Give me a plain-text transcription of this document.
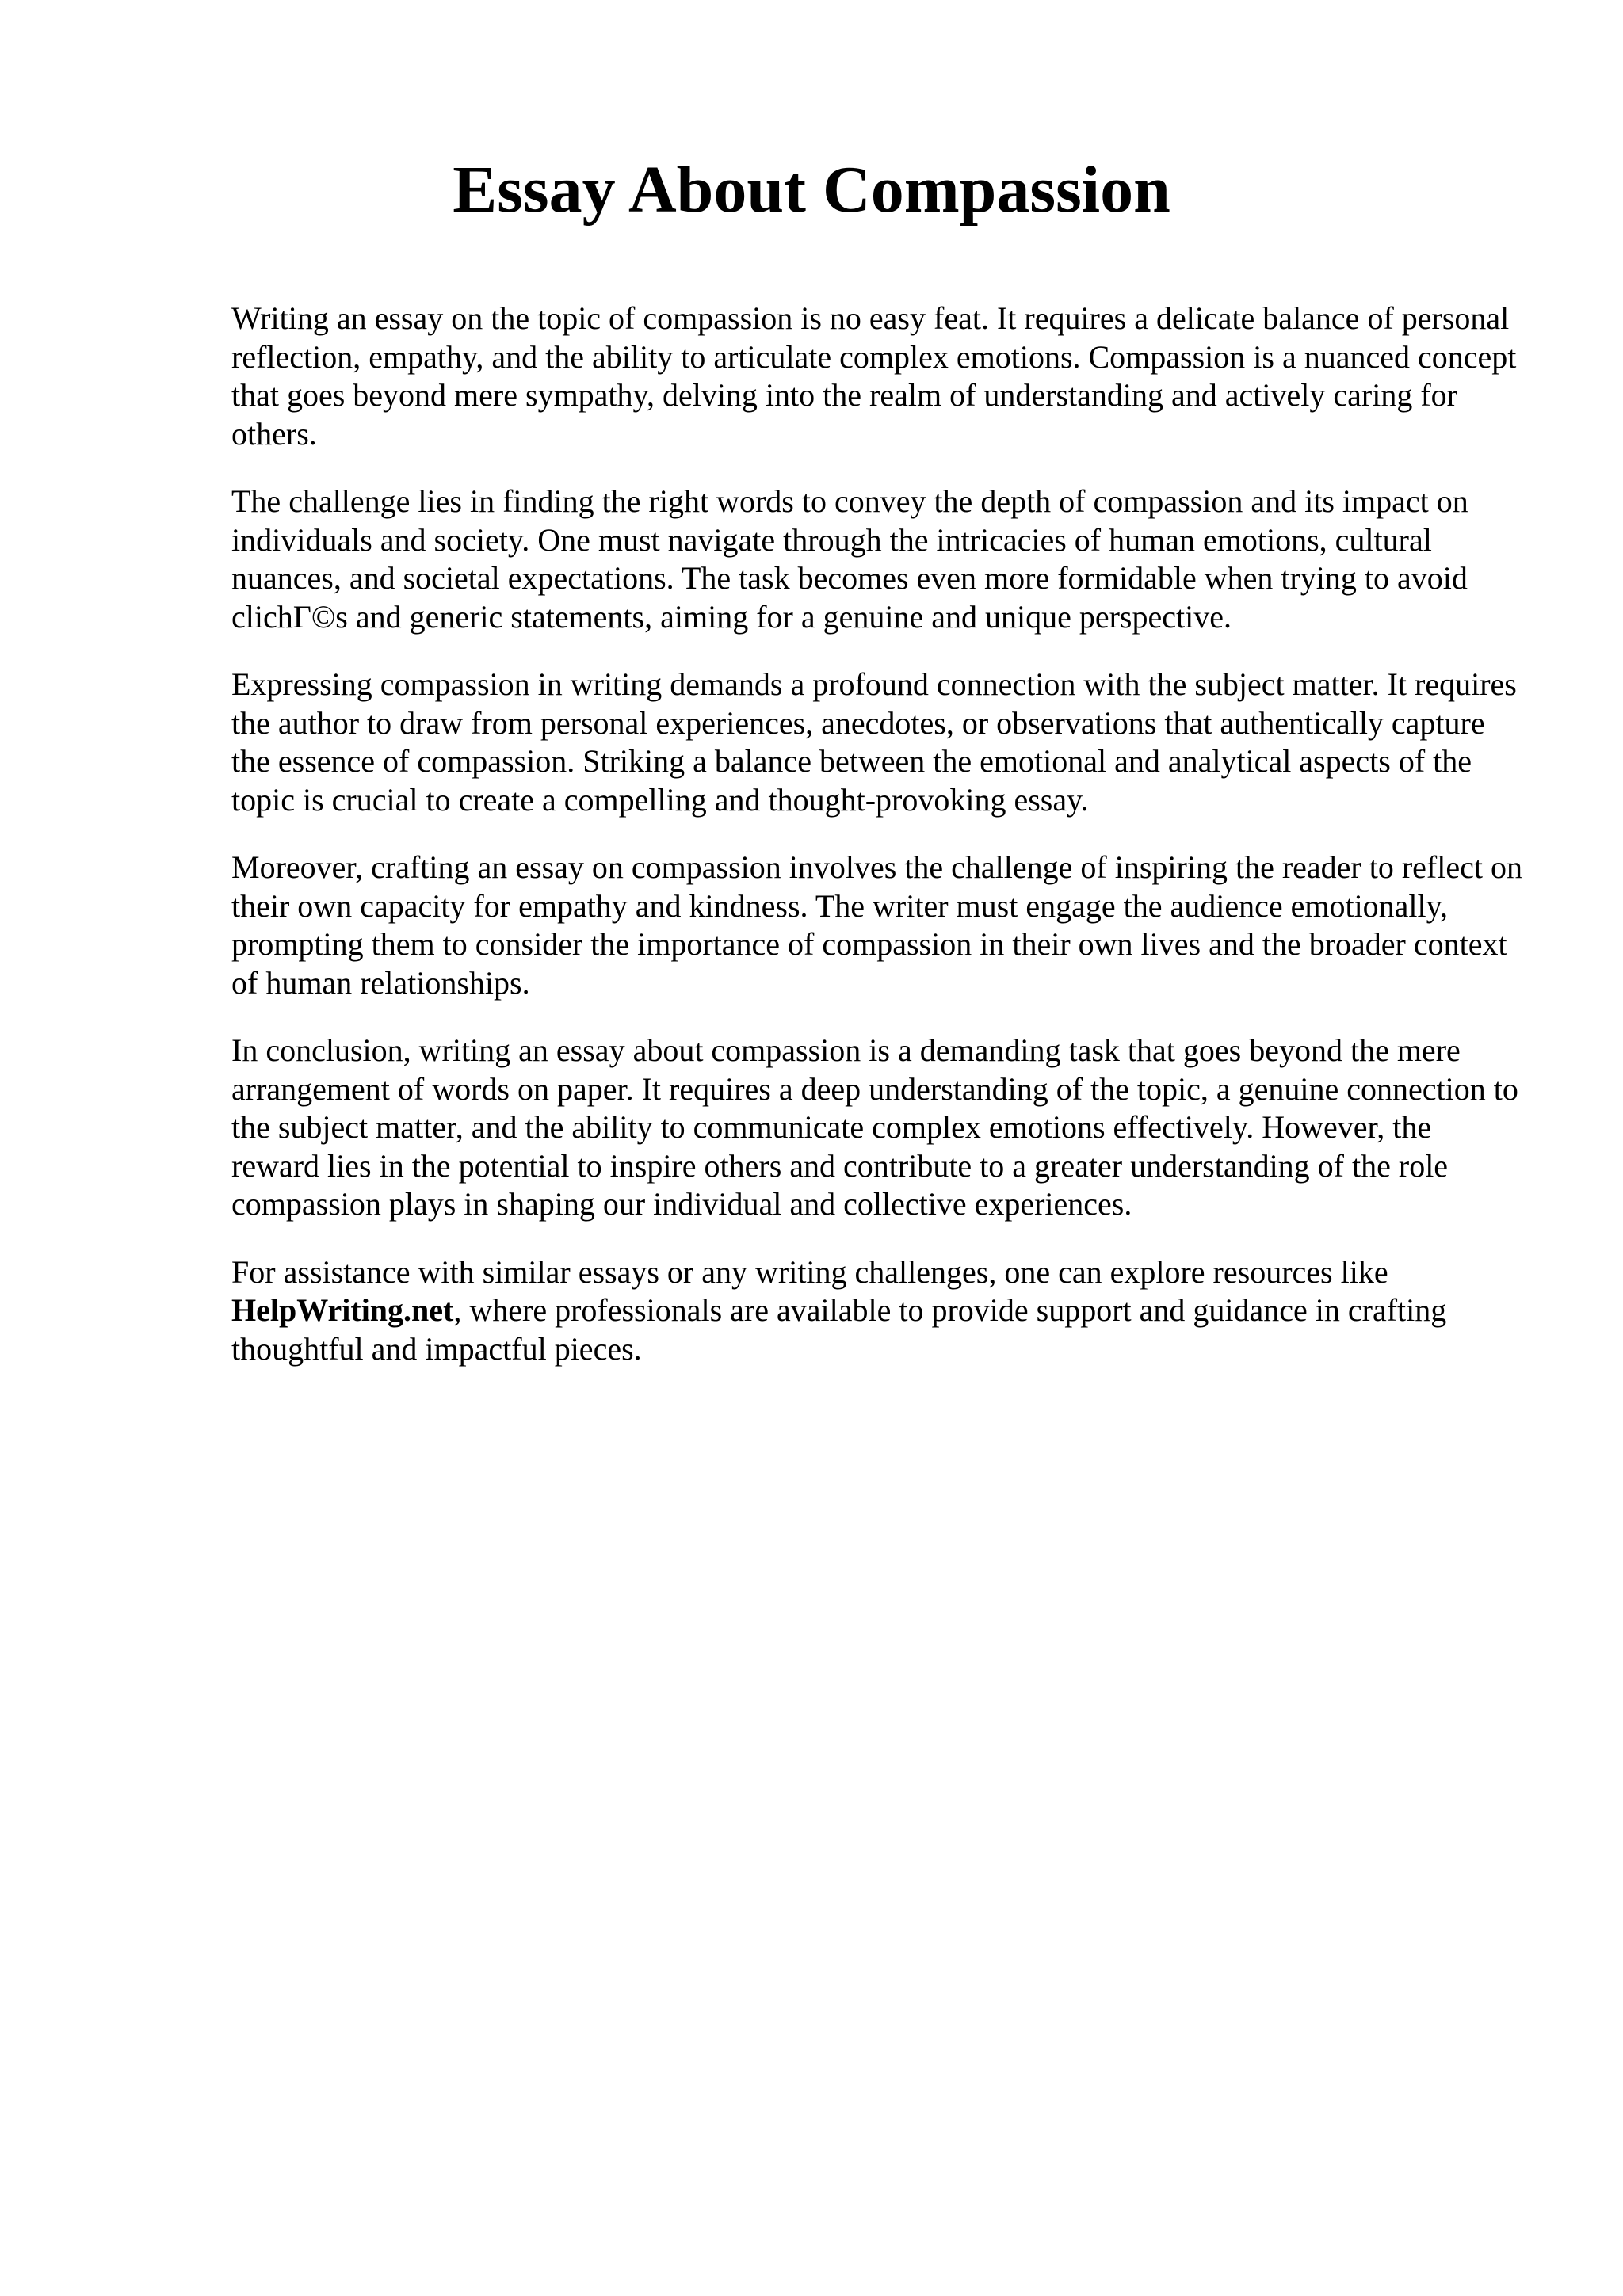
Essay About Compassion

Writing an essay on the topic of compassion is no easy feat. It requires a delicate balance of personal reflection, empathy, and the ability to articulate complex emotions. Compassion is a nuanced concept that goes beyond mere sympathy, delving into the realm of understanding and actively caring for others.

The challenge lies in finding the right words to convey the depth of compassion and its impact on individuals and society. One must navigate through the intricacies of human emotions, cultural nuances, and societal expectations. The task becomes even more formidable when trying to avoid clichΓ©s and generic statements, aiming for a genuine and unique perspective.

Expressing compassion in writing demands a profound connection with the subject matter. It requires the author to draw from personal experiences, anecdotes, or observations that authentically capture the essence of compassion. Striking a balance between the emotional and analytical aspects of the topic is crucial to create a compelling and thought-provoking essay.

Moreover, crafting an essay on compassion involves the challenge of inspiring the reader to reflect on their own capacity for empathy and kindness. The writer must engage the audience emotionally, prompting them to consider the importance of compassion in their own lives and the broader context of human relationships.

In conclusion, writing an essay about compassion is a demanding task that goes beyond the mere arrangement of words on paper. It requires a deep understanding of the topic, a genuine connection to the subject matter, and the ability to communicate complex emotions effectively. However, the reward lies in the potential to inspire others and contribute to a greater understanding of the role compassion plays in shaping our individual and collective experiences.

For assistance with similar essays or any writing challenges, one can explore resources like HelpWriting.net, where professionals are available to provide support and guidance in crafting thoughtful and impactful pieces.
